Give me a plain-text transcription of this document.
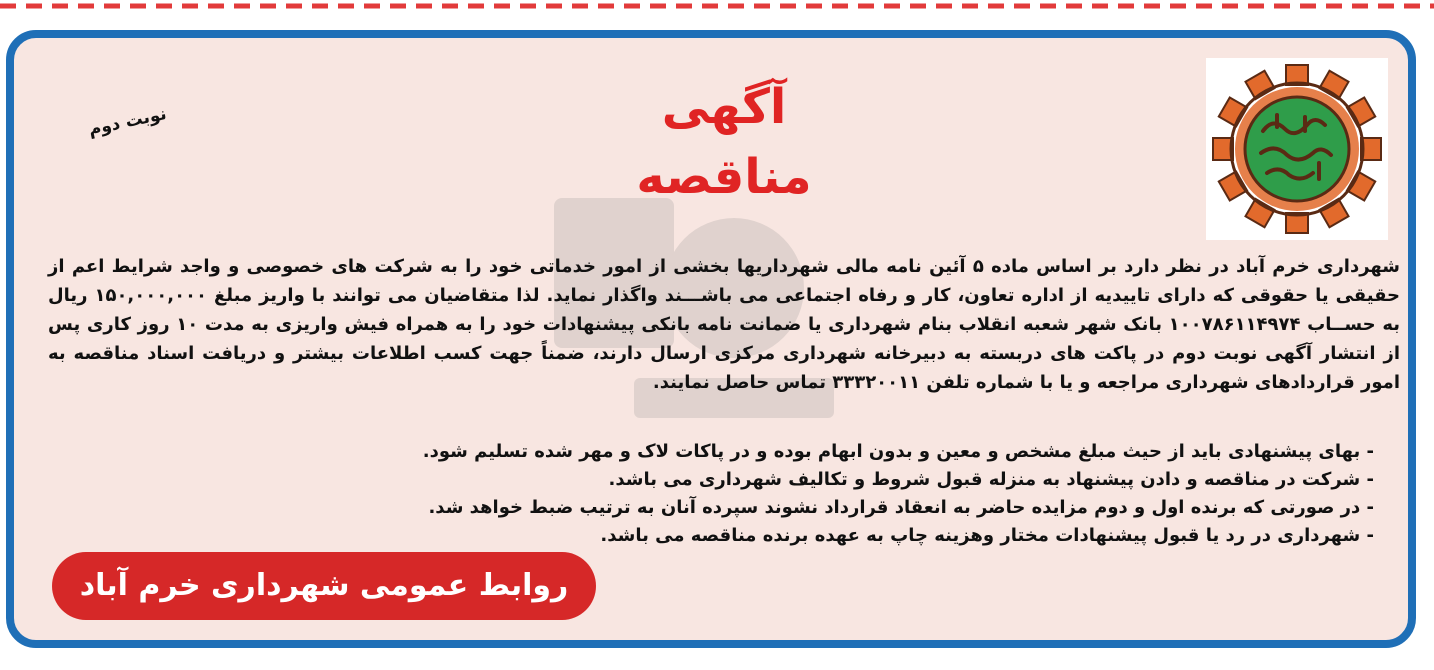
آگهی مناقصه
نوبت دوم

شهرداری خرم آباد در نظر دارد بر اساس ماده ۵ آئین نامه مالی شهرداریها بخشی از امور خدماتی خود را به شرکت های خصوصی و واجد شرایط اعم از حقیقی یا حقوقی که دارای تاییدیه از اداره تعاون، کار و رفاه اجتماعی می باشـــند واگذار نماید. لذا متقاضیان می توانند با واریز مبلغ ۱۵۰,۰۰۰,۰۰۰ ریال به حســاب ۱۰۰۷۸۶۱۱۴۹۷۴ بانک شهر شعبه انقلاب بنام شهرداری یا ضمانت نامه بانکی پیشنهادات خود را به همراه فیش واریزی به مدت ۱۰ روز کاری پس از انتشار آگهی نوبت دوم در پاکت های دربسته به دبیرخانه شهرداری مرکزی ارسال دارند، ضمناً جهت کسب اطلاعات بیشتر و دریافت اسناد مناقصه به امور قراردادهای شهرداری مراجعه و یا با شماره تلفن ۳۳۳۲۰۰۱۱ تماس حاصل نمایند.

- بهای پیشنهادی باید از حیث مبلغ مشخص و معین و بدون ابهام بوده و در پاکات لاک و مهر شده تسلیم شود.
- شرکت در مناقصه و دادن پیشنهاد به منزله قبول شروط و تکالیف شهرداری می باشد.
- در صورتی که برنده اول و دوم مزایده حاضر به انعقاد قرارداد نشوند سپرده آنان به ترتیب ضبط خواهد شد.
- شهرداری در رد یا قبول پیشنهادات مختار وهزینه چاپ به عهده برنده مناقصه می باشد.
روابط عمومی شهرداری خرم آباد
